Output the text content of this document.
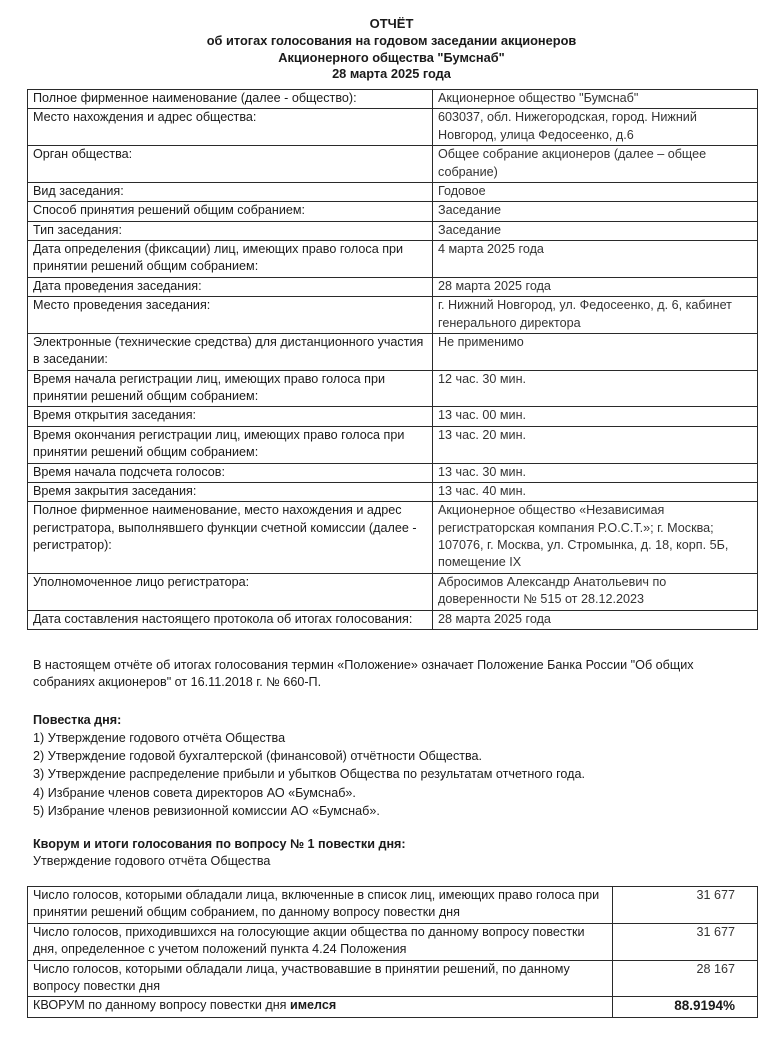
ОТЧЁТ
об итогах голосования на годовом заседании акционеров
Акционерного общества "Бумснаб"
28 марта 2025 года
Полное фирменное наименование (далее - общество):	Акционерное общество "Бумснаб"
Место нахождения и адрес общества:	603037, обл. Нижегородская, город. Нижний Новгород, улица Федосеенко, д.6
Орган общества:	Общее собрание акционеров (далее – общее собрание)
Вид заседания:	Годовое
Способ принятия решений общим собранием:	Заседание
Тип заседания:	Заседание
Дата определения (фиксации) лиц, имеющих право голоса при принятии решений общим собранием:	4 марта 2025 года
Дата проведения заседания:	28 марта 2025 года
Место проведения заседания:	г. Нижний Новгород, ул. Федосеенко, д. 6, кабинет генерального директора
Электронные (технические средства) для дистанционного участия в заседании:	Не применимо
Время начала регистрации лиц, имеющих право голоса при принятии решений общим собранием:	12 час. 30 мин.
Время открытия заседания:	13 час. 00 мин.
Время окончания регистрации лиц, имеющих право голоса при принятии решений общим собранием:	13 час. 20 мин.
Время начала подсчета голосов:	13 час. 30 мин.
Время закрытия заседания:	13 час. 40 мин.
Полное фирменное наименование, место нахождения и адрес регистратора, выполнявшего функции счетной комиссии (далее - регистратор):	Акционерное общество «Независимая регистраторская компания Р.О.С.Т.»; г. Москва; 107076, г. Москва, ул. Стромынка, д. 18, корп. 5Б, помещение IX
Уполномоченное лицо регистратора:	Абросимов Александр Анатольевич по доверенности № 515 от 28.12.2023
Дата составления настоящего протокола об итогах голосования:	28 марта 2025 года
В настоящем отчёте об итогах голосования термин «Положение» означает Положение Банка России "Об общих собраниях акционеров" от 16.11.2018 г. № 660-П.
Повестка дня:
1) Утверждение годового отчёта Общества
2) Утверждение годовой бухгалтерской (финансовой) отчётности Общества.
3) Утверждение распределение прибыли и убытков Общества по результатам отчетного года.
4) Избрание членов совета директоров АО «Бумснаб».
5) Избрание членов ревизионной комиссии АО «Бумснаб».
Кворум и итоги голосования по вопросу № 1 повестки дня:
Утверждение годового отчёта Общества
Число голосов, которыми обладали лица, включенные в список лиц, имеющих право голоса при принятии решений общим собранием, по данному вопросу повестки дня	31 677
Число голосов, приходившихся на голосующие акции общества по данному вопросу повестки дня, определенное с учетом положений пункта 4.24 Положения	31 677
Число голосов, которыми обладали лица, участвовавшие в принятии решений, по данному вопросу повестки дня	28 167
КВОРУМ по данному вопросу повестки дня имелся	88.9194%
